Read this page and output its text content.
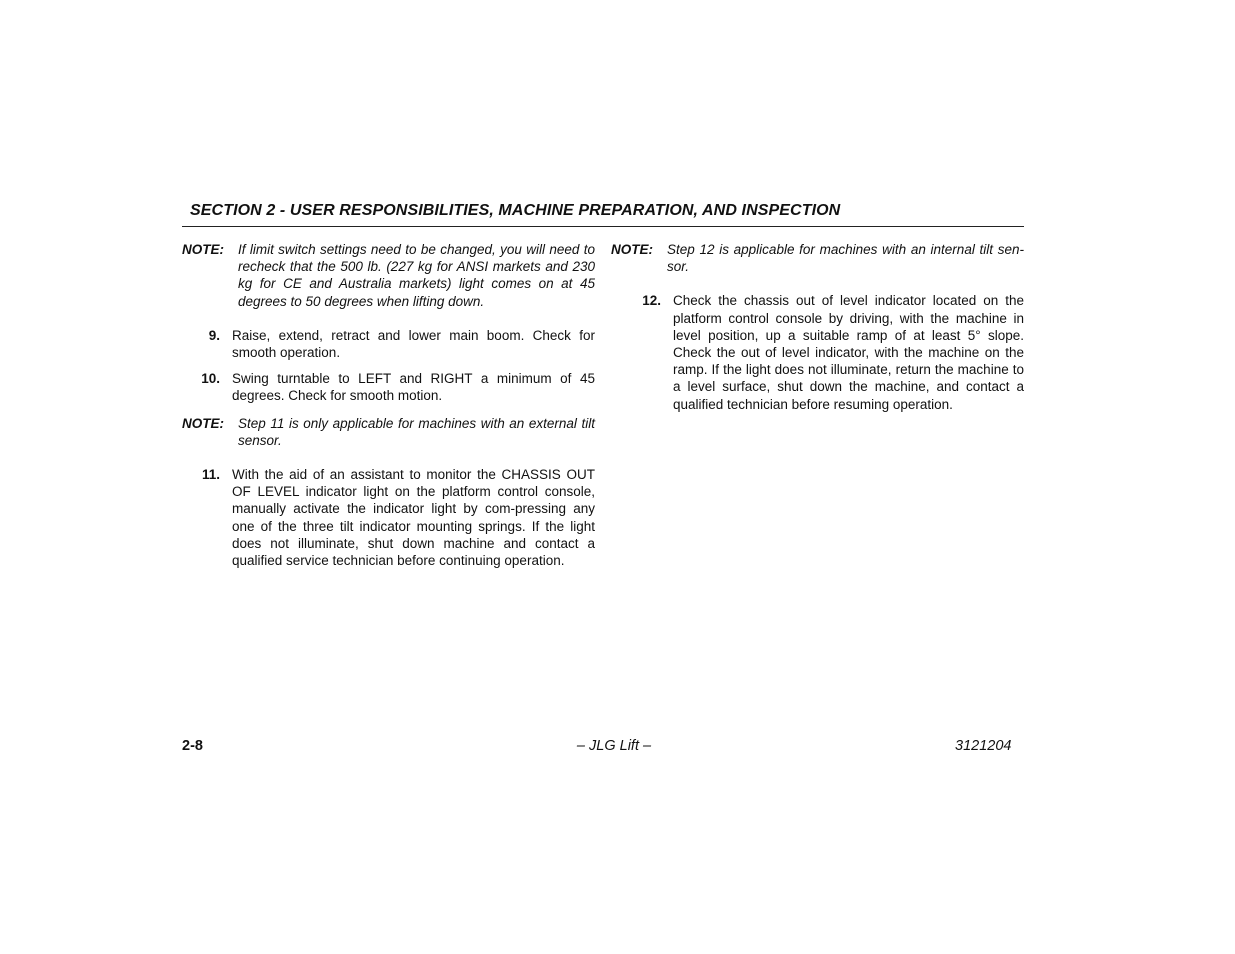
SECTION 2 - USER RESPONSIBILITIES, MACHINE PREPARATION, AND INSPECTION
NOTE:	If limit switch settings need to be changed, you will need to recheck that the 500 lb. (227 kg for ANSI markets and 230 kg for CE and Australia markets) light comes on at 45 degrees to 50 degrees when lifting down.
9. Raise, extend, retract and lower main boom. Check for smooth operation.
10. Swing turntable to LEFT and RIGHT a minimum of 45 degrees. Check for smooth motion.
NOTE:	Step 11 is only applicable for machines with an external tilt sensor.
11. With the aid of an assistant to monitor the CHASSIS OUT OF LEVEL indicator light on the platform control console, manually activate the indicator light by com-pressing any one of the three tilt indicator mounting springs. If the light does not illuminate, shut down machine and contact a qualified service technician before continuing operation.
NOTE:	Step 12 is applicable for machines with an internal tilt sen-sor.
12. Check the chassis out of level indicator located on the platform control console by driving, with the machine in level position, up a suitable ramp of at least 5° slope. Check the out of level indicator, with the machine on the ramp. If the light does not illuminate, return the machine to a level surface, shut down the machine, and contact a qualified technician before resuming operation.
2-8	– JLG Lift –	3121204
